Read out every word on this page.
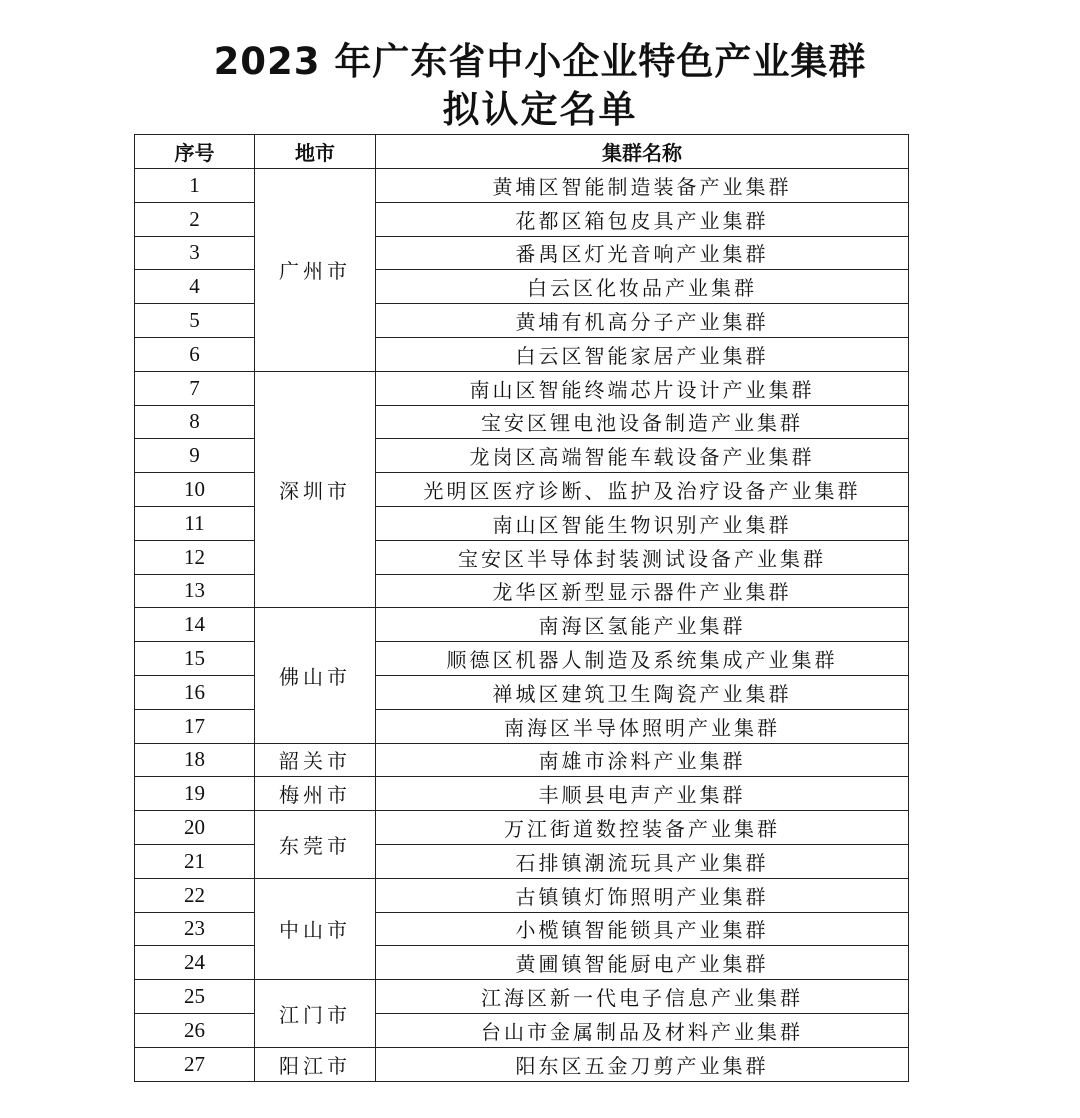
2023 年广东省中小企业特色产业集群
拟认定名单
序号	地市	集群名称
1	广州市	黄埔区智能制造装备产业集群
2		花都区箱包皮具产业集群
3		番禺区灯光音响产业集群
4		白云区化妆品产业集群
5		黄埔有机高分子产业集群
6		白云区智能家居产业集群
7	深圳市	南山区智能终端芯片设计产业集群
8		宝安区锂电池设备制造产业集群
9		龙岗区高端智能车载设备产业集群
10		光明区医疗诊断、监护及治疗设备产业集群
11		南山区智能生物识别产业集群
12		宝安区半导体封装测试设备产业集群
13		龙华区新型显示器件产业集群
14	佛山市	南海区氢能产业集群
15		顺德区机器人制造及系统集成产业集群
16		禅城区建筑卫生陶瓷产业集群
17		南海区半导体照明产业集群
18	韶关市	南雄市涂料产业集群
19	梅州市	丰顺县电声产业集群
20	东莞市	万江街道数控装备产业集群
21		石排镇潮流玩具产业集群
22	中山市	古镇镇灯饰照明产业集群
23		小榄镇智能锁具产业集群
24		黄圃镇智能厨电产业集群
25	江门市	江海区新一代电子信息产业集群
26		台山市金属制品及材料产业集群
27	阳江市	阳东区五金刀剪产业集群
